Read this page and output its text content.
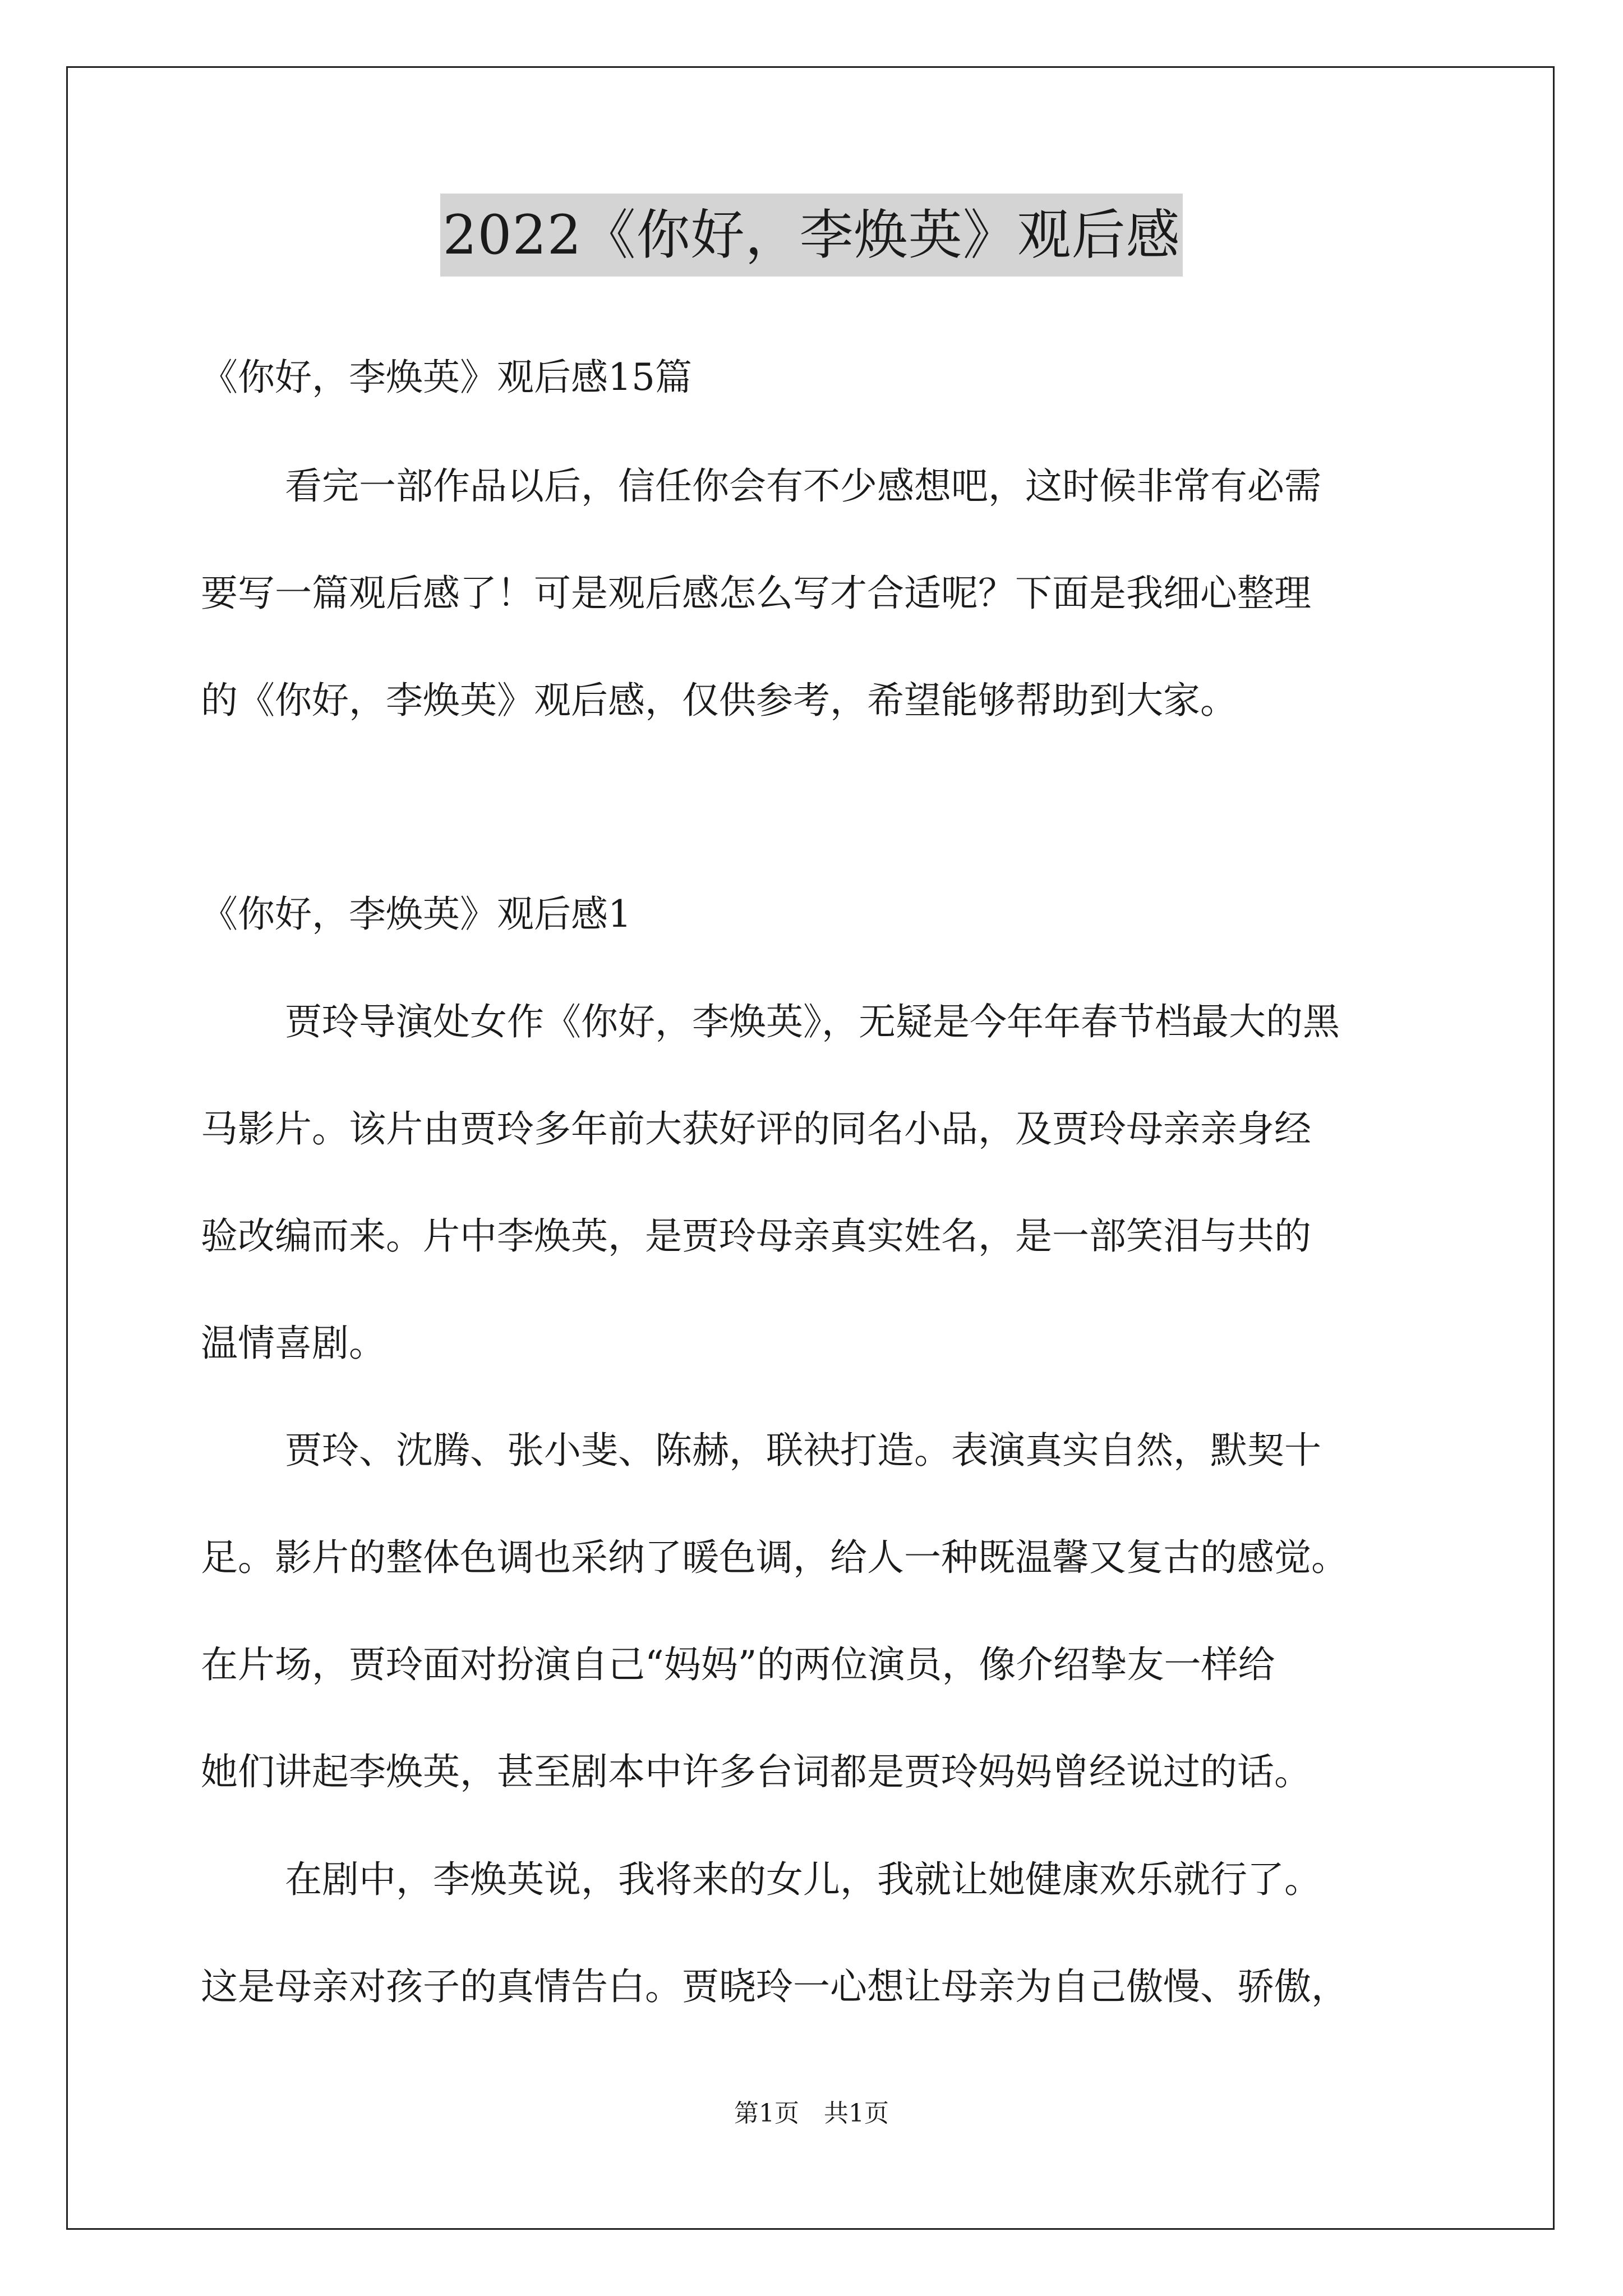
2022《你好，李焕英》观后感
《你好，李焕英》观后感15篇
看完一部作品以后，信任你会有不少感想吧，这时候非常有必需
要写一篇观后感了！可是观后感怎么写才合适呢？下面是我细心整理
的《你好，李焕英》观后感，仅供参考，希望能够帮助到大家。
《你好，李焕英》观后感1
贾玲导演处女作《你好，李焕英》，无疑是今年年春节档最大的黑
马影片。该片由贾玲多年前大获好评的同名小品，及贾玲母亲亲身经
验改编而来。片中李焕英，是贾玲母亲真实姓名，是一部笑泪与共的
温情喜剧。
贾玲、沈腾、张小斐、陈赫，联袂打造。表演真实自然，默契十
足。影片的整体色调也采纳了暖色调，给人一种既温馨又复古的感觉。
在片场，贾玲面对扮演自己“妈妈”的两位演员，像介绍挚友一样给
她们讲起李焕英，甚至剧本中许多台词都是贾玲妈妈曾经说过的话。
在剧中，李焕英说，我将来的女儿，我就让她健康欢乐就行了。
这是母亲对孩子的真情告白。贾晓玲一心想让母亲为自己傲慢、骄傲，
第1页　共1页
